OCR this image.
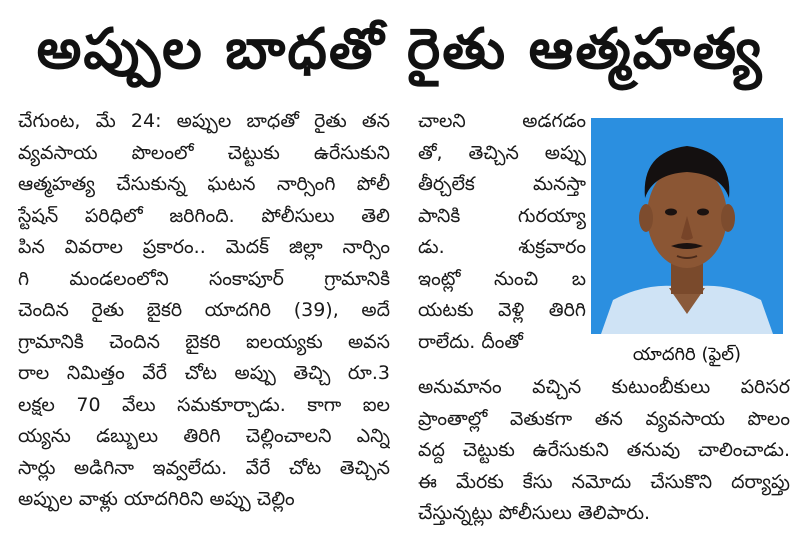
అప్పుల బాధతో రైతు ఆత్మహత్య
చేగుంట, మే 24: అప్పుల బాధతో రైతు తన
వ్యవసాయ పొలంలో చెట్టుకు ఉరేసుకుని
ఆత్మహత్య చేసుకున్న ఘటన నార్సింగి పోలీ
స్టేషన్ పరిధిలో జరిగింది. పోలీసులు తెలి
పిన వివరాల ప్రకారం.. మెదక్ జిల్లా నార్సిం
గి మండలంలోని సంకాపూర్ గ్రామానికి
చెందిన రైతు బైకరి యాదగిరి (39), అదే
గ్రామానికి చెందిన బైకరి ఐలయ్యకు అవస
రాల నిమిత్తం వేరే చోట అప్పు తెచ్చి రూ.3
లక్షల 70 వేలు సమకూర్చాడు. కాగా ఐల
య్యను డబ్బులు తిరిగి చెల్లించాలని ఎన్ని
సార్లు అడిగినా ఇవ్వలేదు. వేరే చోట తెచ్చిన
అప్పుల వాళ్లు యాదగిరిని అప్పు చెల్లిం
చాలని అడగడం
తో, తెచ్చిన అప్పు
తీర్చలేక మనస్తా
పానికి గురయ్యా
డు. శుక్రవారం
ఇంట్లో నుంచి బ
యటకు వెళ్లి తిరిగి
రాలేదు. దీంతో
అనుమానం వచ్చిన కుటుంబీకులు పరిసర
ప్రాంతాల్లో వెతుకగా తన వ్యవసాయ పొలం
వద్ద చెట్టుకు ఉరేసుకుని తనువు చాలించాడు.
ఈ మేరకు కేసు నమోదు చేసుకొని దర్యాప్తు
చేస్తున్నట్లు పోలీసులు తెలిపారు.
యాదగిరి (ఫైల్)
